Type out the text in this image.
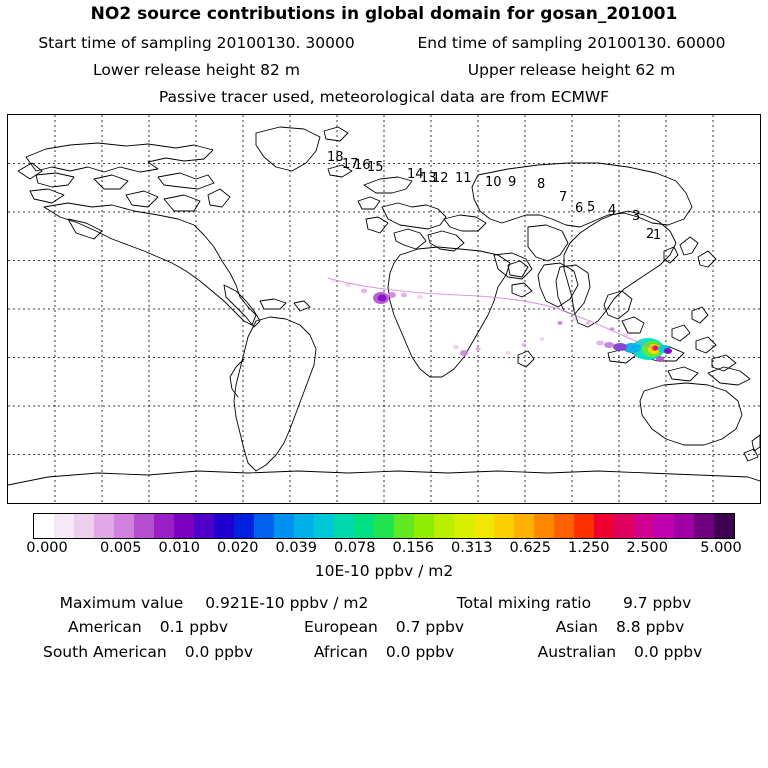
NO2 source contributions in global domain for gosan_201001
Start time of sampling 20100130. 30000	End time of sampling 20100130. 60000
Lower release height 82 m	Upper release height 62 m
Passive tracer used, meteorological data are from ECMWF
18
17
16
15 14
13
12 11 10 9 8
7
6 5 4 3
2
1
0.000 0.005 0.010 0.020 0.039 0.078 0.156 0.313 0.625 1.250 2.500 5.000
10E-10 ppbv / m2
Maximum value 0.921E-10 ppbv / m2	Total mixing ratio 9.7 ppbv
American 0.1 ppbv	European 0.7 ppbv	Asian 8.8 ppbv
South American 0.0 ppbv	African 0.0 ppbv	Australian 0.0 ppbv
